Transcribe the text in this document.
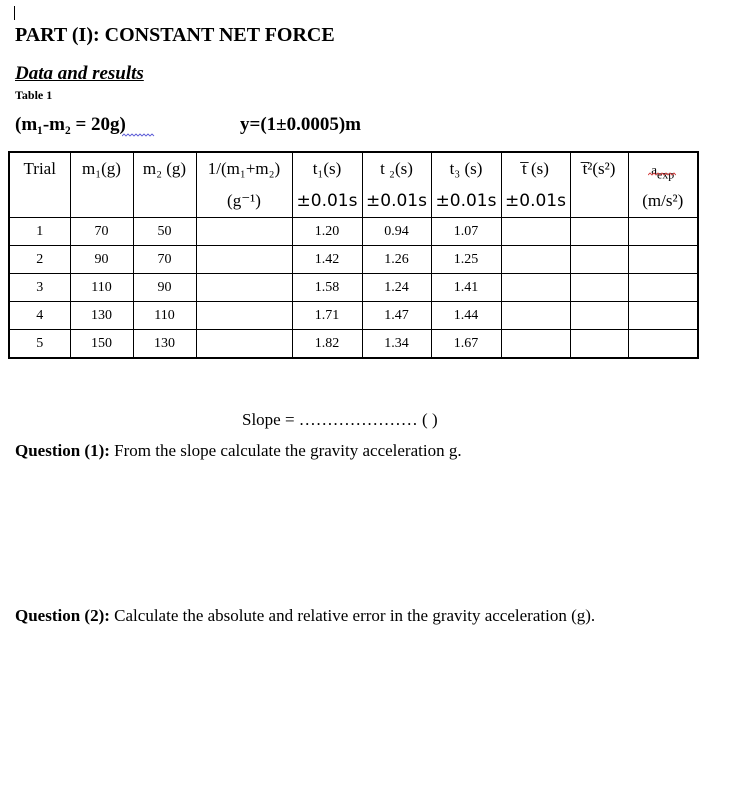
PART (I): CONSTANT NET FORCE
Data and results
Table 1
(m₁-m₂ = 20g)	y=(1±0.0005)m
Trial	m₁(g)	m₂ (g)	1/(m₁+m₂)	t₁(s)	t ₂(s)	t₃ (s)	t̅ (s)	t̅²(s²)	$a_{exp}$
			(g⁻¹)	±0.01s	±0.01s	±0.01s	±0.01s		(m/s²)
1	70	50		1.20	0.94	1.07			
2	90	70		1.42	1.26	1.25			
3	110	90		1.58	1.24	1.41			
4	130	110		1.71	1.47	1.44			
5	150	130		1.82	1.34	1.67			
Slope = ………………… ( )
Question (1): From the slope calculate the gravity acceleration g.
Question (2): Calculate the absolute and relative error in the gravity acceleration (g).
